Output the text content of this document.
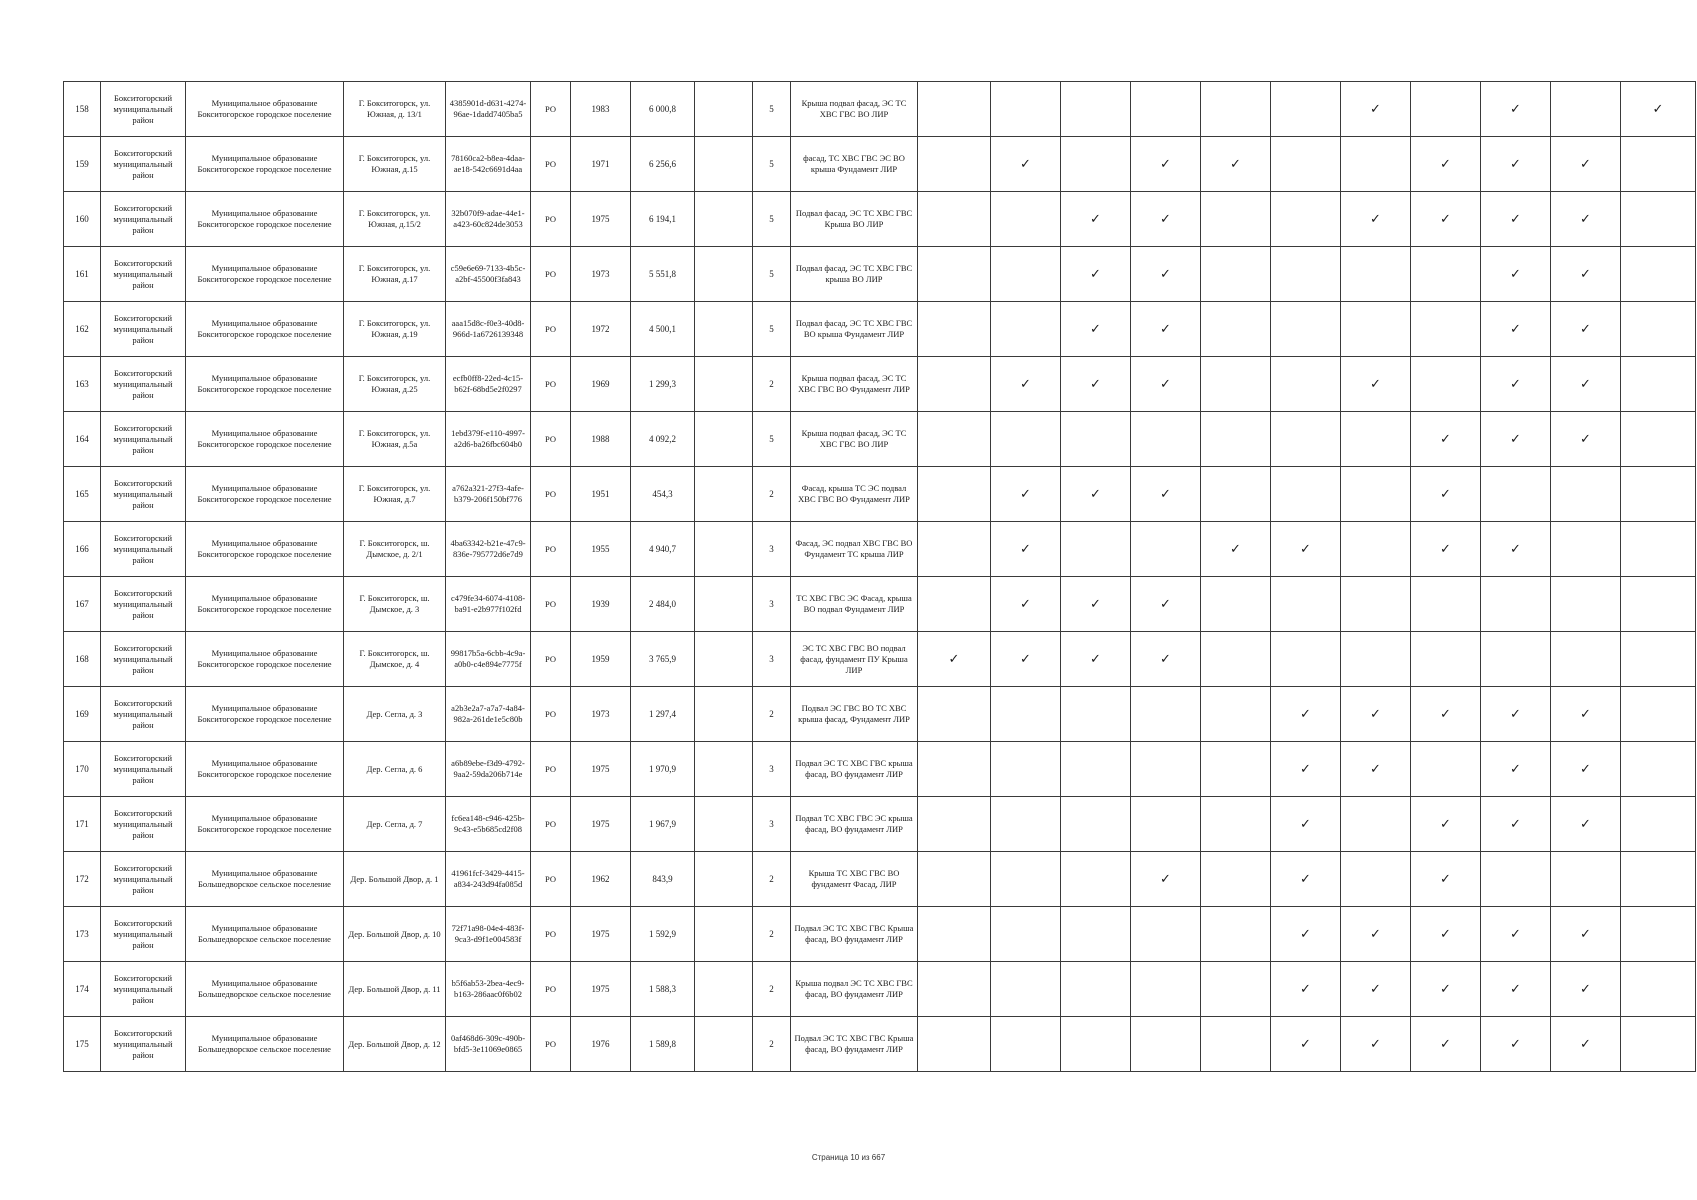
158	Бокситогорский муниципальный район	Муниципальное образование Бокситогорское городское поселение	Г. Бокситогорск, ул. Южная, д. 13/1	4385901d-d631-4274-96ae-1dadd7405ba5	РО	1983	6 000,8		5	Крыша подвал фасад, ЭС ТС ХВС ГВС ВО ЛИР							✓		✓		✓
159	Бокситогорский муниципальный район	Муниципальное образование Бокситогорское городское поселение	Г. Бокситогорск, ул. Южная, д.15	78160ca2-b8ea-4daa-ae18-542c6691d4aa	РО	1971	6 256,6		5	фасад, ТС ХВС ГВС ЭС ВО крыша Фундамент ЛИР		✓		✓	✓			✓	✓	✓	
160	Бокситогорский муниципальный район	Муниципальное образование Бокситогорское городское поселение	Г. Бокситогорск, ул. Южная, д.15/2	32b070f9-adae-44e1-a423-60c824de3053	РО	1975	6 194,1		5	Подвал фасад, ЭС ТС ХВС ГВС Крыша ВО ЛИР			✓	✓			✓	✓	✓	✓	
161	Бокситогорский муниципальный район	Муниципальное образование Бокситогорское городское поселение	Г. Бокситогорск, ул. Южная, д.17	c59e6e69-7133-4b5c-a2bf-45500f3fa843	РО	1973	5 551,8		5	Подвал фасад, ЭС ТС ХВС ГВС крыша ВО ЛИР			✓	✓					✓	✓	
162	Бокситогорский муниципальный район	Муниципальное образование Бокситогорское городское поселение	Г. Бокситогорск, ул. Южная, д.19	aaa15d8c-f0e3-40d8-966d-1a6726139348	РО	1972	4 500,1		5	Подвал фасад, ЭС ТС ХВС ГВС ВО крыша Фундамент ЛИР			✓	✓					✓	✓	
163	Бокситогорский муниципальный район	Муниципальное образование Бокситогорское городское поселение	Г. Бокситогорск, ул. Южная, д.25	ecfb0ff8-22ed-4c15-b62f-68bd5e2f0297	РО	1969	1 299,3		2	Крыша подвал фасад, ЭС ТС ХВС ГВС ВО Фундамент ЛИР		✓	✓	✓			✓		✓	✓	
164	Бокситогорский муниципальный район	Муниципальное образование Бокситогорское городское поселение	Г. Бокситогорск, ул. Южная, д.5а	1ebd379f-e110-4997-a2d6-ba26fbc604b0	РО	1988	4 092,2		5	Крыша подвал фасад, ЭС ТС ХВС ГВС ВО ЛИР								✓	✓	✓	
165	Бокситогорский муниципальный район	Муниципальное образование Бокситогорское городское поселение	Г. Бокситогорск, ул. Южная, д.7	a762a321-27f3-4afe-b379-206f150bf776	РО	1951	454,3		2	Фасад, крыша ТС ЭС подвал ХВС ГВС ВО Фундамент ЛИР		✓	✓	✓				✓			
166	Бокситогорский муниципальный район	Муниципальное образование Бокситогорское городское поселение	Г. Бокситогорск, ш. Дымское, д. 2/1	4ba63342-b21e-47c9-836e-795772d6e7d9	РО	1955	4 940,7		3	Фасад, ЭС подвал ХВС ГВС ВО Фундамент ТС крыша ЛИР		✓			✓	✓		✓	✓		
167	Бокситогорский муниципальный район	Муниципальное образование Бокситогорское городское поселение	Г. Бокситогорск, ш. Дымское, д. 3	c479fe34-6074-4108-ba91-e2b977f102fd	РО	1939	2 484,0		3	ТС ХВС ГВС ЭС Фасад, крыша ВО подвал Фундамент ЛИР		✓	✓	✓							
168	Бокситогорский муниципальный район	Муниципальное образование Бокситогорское городское поселение	Г. Бокситогорск, ш. Дымское, д. 4	99817b5a-6cbb-4c9a-a0b0-c4e894e7775f	РО	1959	3 765,9		3	ЭС ТС ХВС ГВС ВО подвал фасад, фундамент ПУ Крыша ЛИР	✓	✓	✓	✓							
169	Бокситогорский муниципальный район	Муниципальное образование Бокситогорское городское поселение	Дер. Сеглa, д. 3	a2b3e2a7-a7a7-4a84-982a-261de1e5c80b	РО	1973	1 297,4		2	Подвал ЭС ГВС ВО ТС ХВС крыша фасад, Фундамент ЛИР						✓	✓	✓	✓	✓	
170	Бокситогорский муниципальный район	Муниципальное образование Бокситогорское городское поселение	Дер. Сеглa, д. 6	a6b89ebe-f3d9-4792-9aa2-59da206b714e	РО	1975	1 970,9		3	Подвал ЭС ТС ХВС ГВС крыша фасад, ВО фундамент ЛИР						✓	✓		✓	✓	
171	Бокситогорский муниципальный район	Муниципальное образование Бокситогорское городское поселение	Дер. Сеглa, д. 7	fc6ea148-c946-425b-9c43-e5b685cd2f08	РО	1975	1 967,9		3	Подвал ТС ХВС ГВС ЭС крыша фасад, ВО фундамент ЛИР						✓		✓	✓	✓	
172	Бокситогорский муниципальный район	Муниципальное образование Большедворское сельское поселение	Дер. Большой Двор, д. 1	41961fcf-3429-4415-a834-243d94fa085d	РО	1962	843,9		2	Крыша ТС ХВС ГВС ВО фундамент Фасад, ЛИР				✓		✓		✓			
173	Бокситогорский муниципальный район	Муниципальное образование Большедворское сельское поселение	Дер. Большой Двор, д. 10	72f71a98-04e4-483f-9ca3-d9f1e004583f	РО	1975	1 592,9		2	Подвал ЭС ТС ХВС ГВС Крыша фасад, ВО фундамент ЛИР						✓	✓	✓	✓	✓	
174	Бокситогорский муниципальный район	Муниципальное образование Большедворское сельское поселение	Дер. Большой Двор, д. 11	b5f6ab53-2bea-4ec9-b163-286aac0f6b02	РО	1975	1 588,3		2	Крыша подвал ЭС ТС ХВС ГВС фасад, ВО фундамент ЛИР						✓	✓	✓	✓	✓	
175	Бокситогорский муниципальный район	Муниципальное образование Большедворское сельское поселение	Дер. Большой Двор, д. 12	0af468d6-309c-490b-bfd5-3e11069e0865	РО	1976	1 589,8		2	Подвал ЭС ТС ХВС ГВС Крыша фасад, ВО фундамент ЛИР						✓	✓	✓	✓	✓	
Страница 10 из 667
